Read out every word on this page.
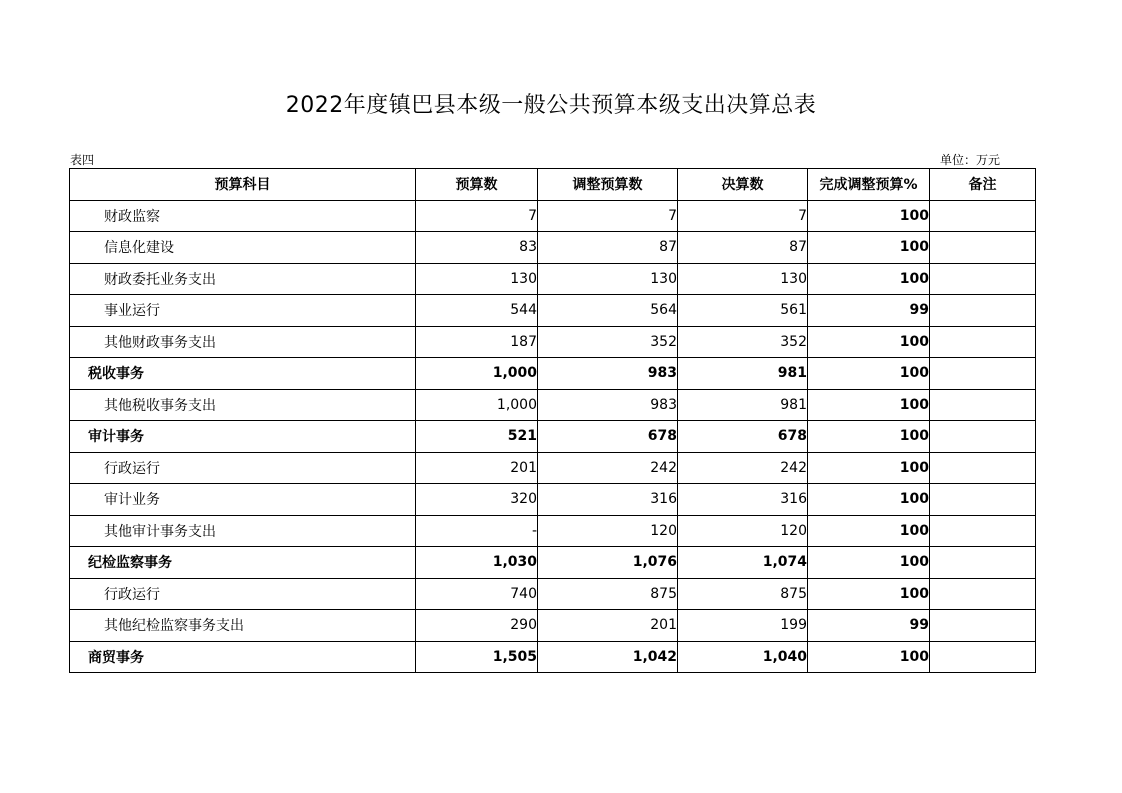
2022年度镇巴县本级一般公共预算本级支出决算总表
表四	单位：万元
预算科目	预算数	调整预算数	决算数	完成调整预算%	备注
财政监察	7	7	7	100	
信息化建设	83	87	87	100	
财政委托业务支出	130	130	130	100	
事业运行	544	564	561	99	
其他财政事务支出	187	352	352	100	
税收事务	1,000	983	981	100	
其他税收事务支出	1,000	983	981	100	
审计事务	521	678	678	100	
行政运行	201	242	242	100	
审计业务	320	316	316	100	
其他审计事务支出	-	120	120	100	
纪检监察事务	1,030	1,076	1,074	100	
行政运行	740	875	875	100	
其他纪检监察事务支出	290	201	199	99	
商贸事务	1,505	1,042	1,040	100	
